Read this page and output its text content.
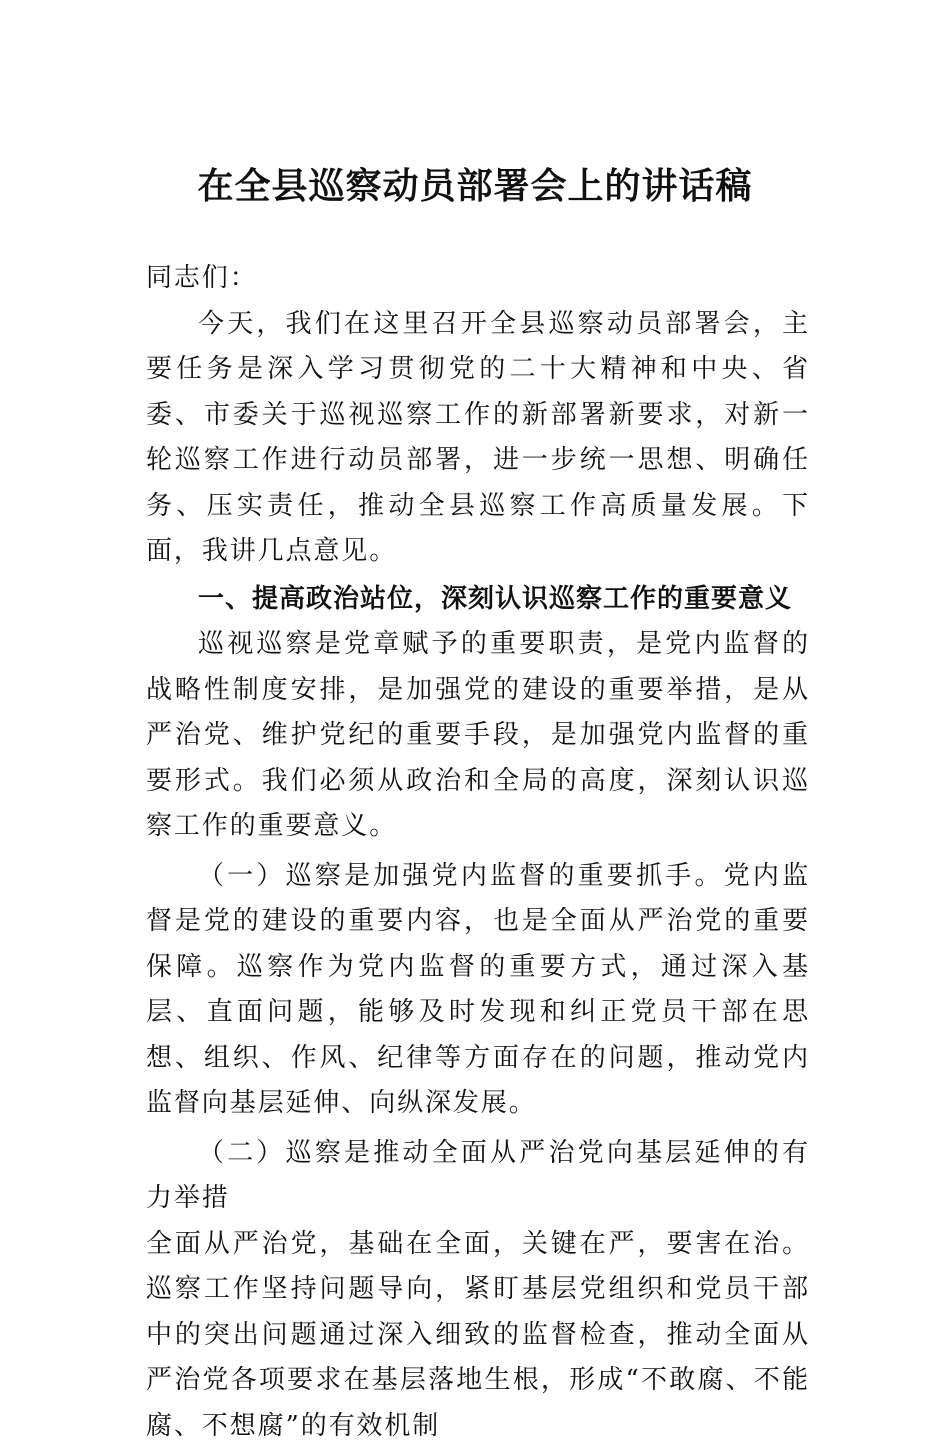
在全县巡察动员部署会上的讲话稿

同志们：

今天，我们在这里召开全县巡察动员部署会，主要任务是深入学习贯彻党的二十大精神和中央、省委、市委关于巡视巡察工作的新部署新要求，对新一轮巡察工作进行动员部署，进一步统一思想、明确任务、压实责任，推动全县巡察工作高质量发展。下面，我讲几点意见。

一、提高政治站位，深刻认识巡察工作的重要意义

巡视巡察是党章赋予的重要职责，是党内监督的战略性制度安排，是加强党的建设的重要举措，是从严治党、维护党纪的重要手段，是加强党内监督的重要形式。我们必须从政治和全局的高度，深刻认识巡察工作的重要意义。

（一）巡察是加强党内监督的重要抓手。党内监督是党的建设的重要内容，也是全面从严治党的重要保障。巡察作为党内监督的重要方式，通过深入基层、直面问题，能够及时发现和纠正党员干部在思想、组织、作风、纪律等方面存在的问题，推动党内监督向基层延伸、向纵深发展。

（二）巡察是推动全面从严治党向基层延伸的有力举措

全面从严治党，基础在全面，关键在严，要害在治。巡察工作坚持问题导向，紧盯基层党组织和党员干部中的突出问题通过深入细致的监督检查，推动全面从严治党各项要求在基层落地生根，形成“不敢腐、不能腐、不想腐”的有效机制
